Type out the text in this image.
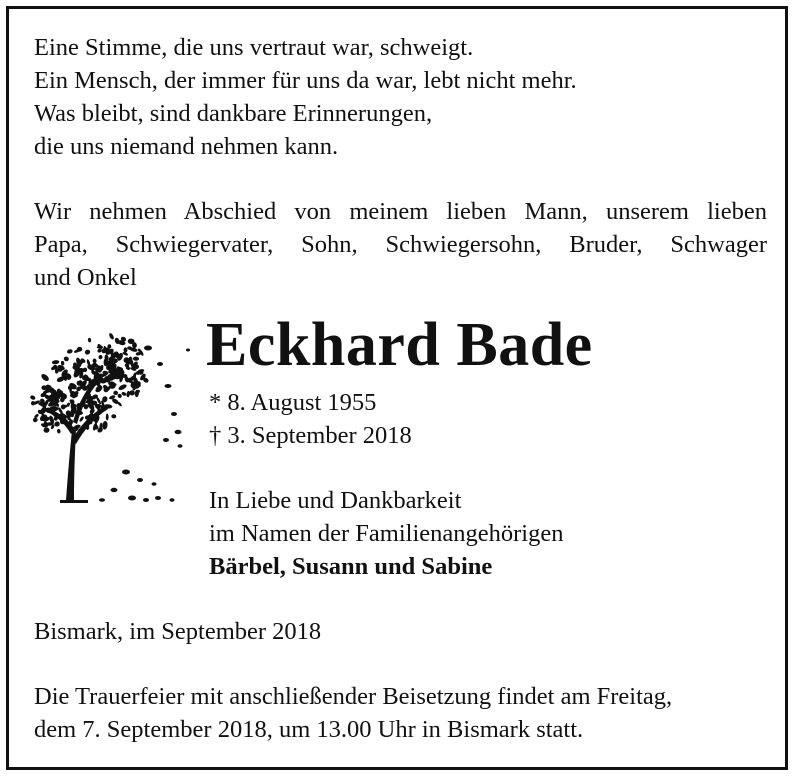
Eine Stimme, die uns vertraut war, schweigt.

Ein Mensch, der immer für uns da war, lebt nicht mehr.

Was bleibt, sind dankbare Erinnerungen,

die uns niemand nehmen kann.

Wir nehmen Abschied von meinem lieben Mann, unserem lieben
Papa, Schwiegervater, Sohn, Schwiegersohn, Bruder, Schwager

und Onkel

Eckhard Bade
* 8. August 1955
† 3. September 2018
In Liebe und Dankbarkeit
im Namen der Familienangehörigen
Bärbel, Susann und Sabine

Bismark, im September 2018

Die Trauerfeier mit anschließender Beisetzung findet am Freitag,

dem 7. September 2018, um 13.00 Uhr in Bismark statt.
